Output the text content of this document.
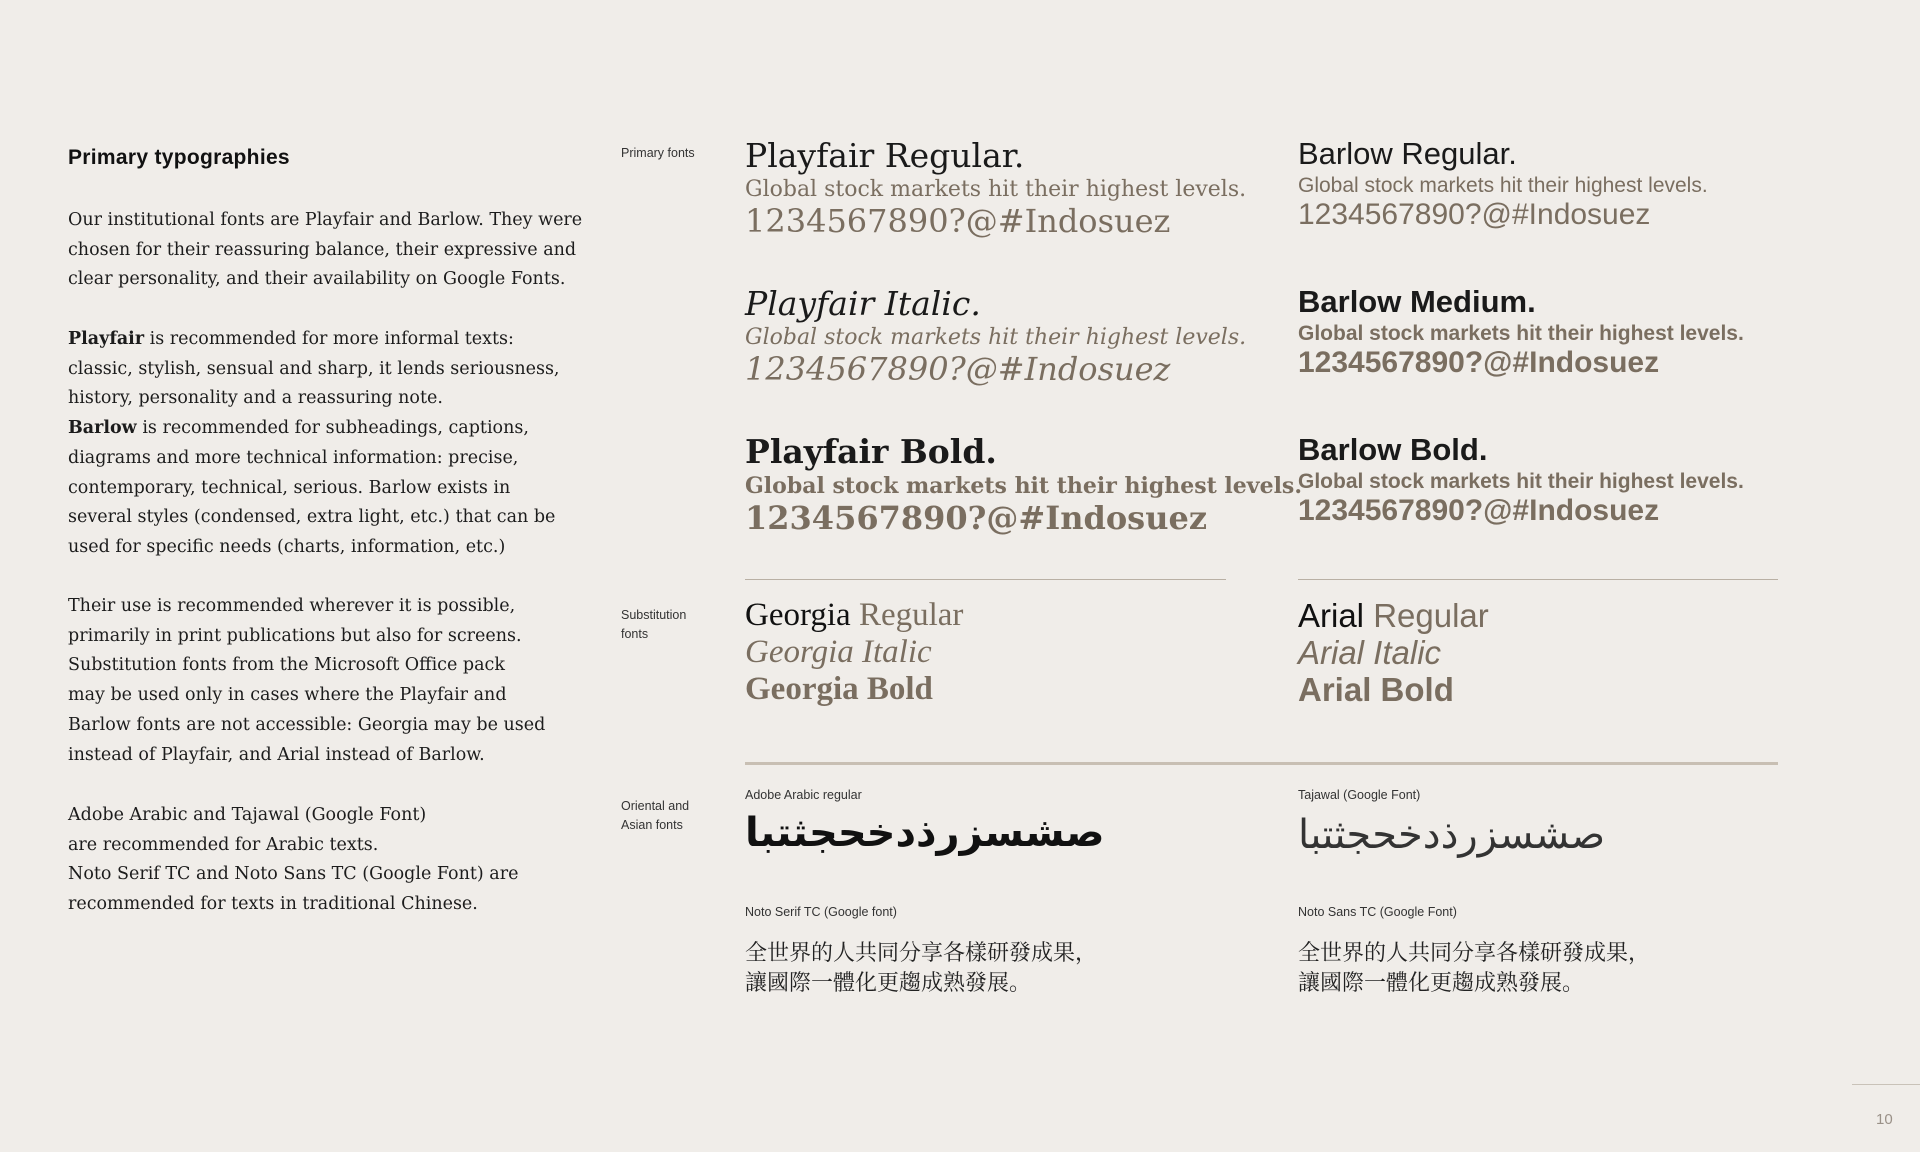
Primary typographies
Our institutional fonts are Playfair and Barlow. They were
chosen for their reassuring balance, their expressive and
clear personality, and their availability on Google Fonts.
Playfair is recommended for more informal texts:
classic, stylish, sensual and sharp, it lends seriousness,
history, personality and a reassuring note.
Barlow is recommended for subheadings, captions,
diagrams and more technical information: precise,
contemporary, technical, serious. Barlow exists in
several styles (condensed, extra light, etc.) that can be
used for specific needs (charts, information, etc.)
Their use is recommended wherever it is possible,
primarily in print publications but also for screens.
Substitution fonts from the Microsoft Office pack
may be used only in cases where the Playfair and
Barlow fonts are not accessible: Georgia may be used
instead of Playfair, and Arial instead of Barlow.
Adobe Arabic and Tajawal (Google Font)
are recommended for Arabic texts.
Noto Serif TC and Noto Sans TC (Google Font) are
recommended for texts in traditional Chinese.
Primary fonts
Substitution
fonts
Oriental and
Asian fonts
Playfair Regular.
Global stock markets hit their highest levels.
1234567890?@#Indosuez
Playfair Italic.
Global stock markets hit their highest levels.
1234567890?@#Indosuez
Playfair Bold.
Global stock markets hit their highest levels.
1234567890?@#Indosuez
Barlow Regular.
Global stock markets hit their highest levels.
1234567890?@#Indosuez
Barlow Medium.
Global stock markets hit their highest levels.
1234567890?@#Indosuez
Barlow Bold.
Global stock markets hit their highest levels.
1234567890?@#Indosuez
Georgia Regular
Georgia Italic
Georgia Bold
Arial Regular
Arial Italic
Arial Bold
Adobe Arabic regular	Tajawal (Google Font)
صشسزرذدخحجثتبا	صشسزرذدخحجثتبا
Noto Serif TC (Google font)	Noto Sans TC (Google Font)
全世界的人共同分享各樣研發成果，
讓國際一體化更趨成熟發展。
全世界的人共同分享各樣研發成果，
讓國際一體化更趨成熟發展。
10
